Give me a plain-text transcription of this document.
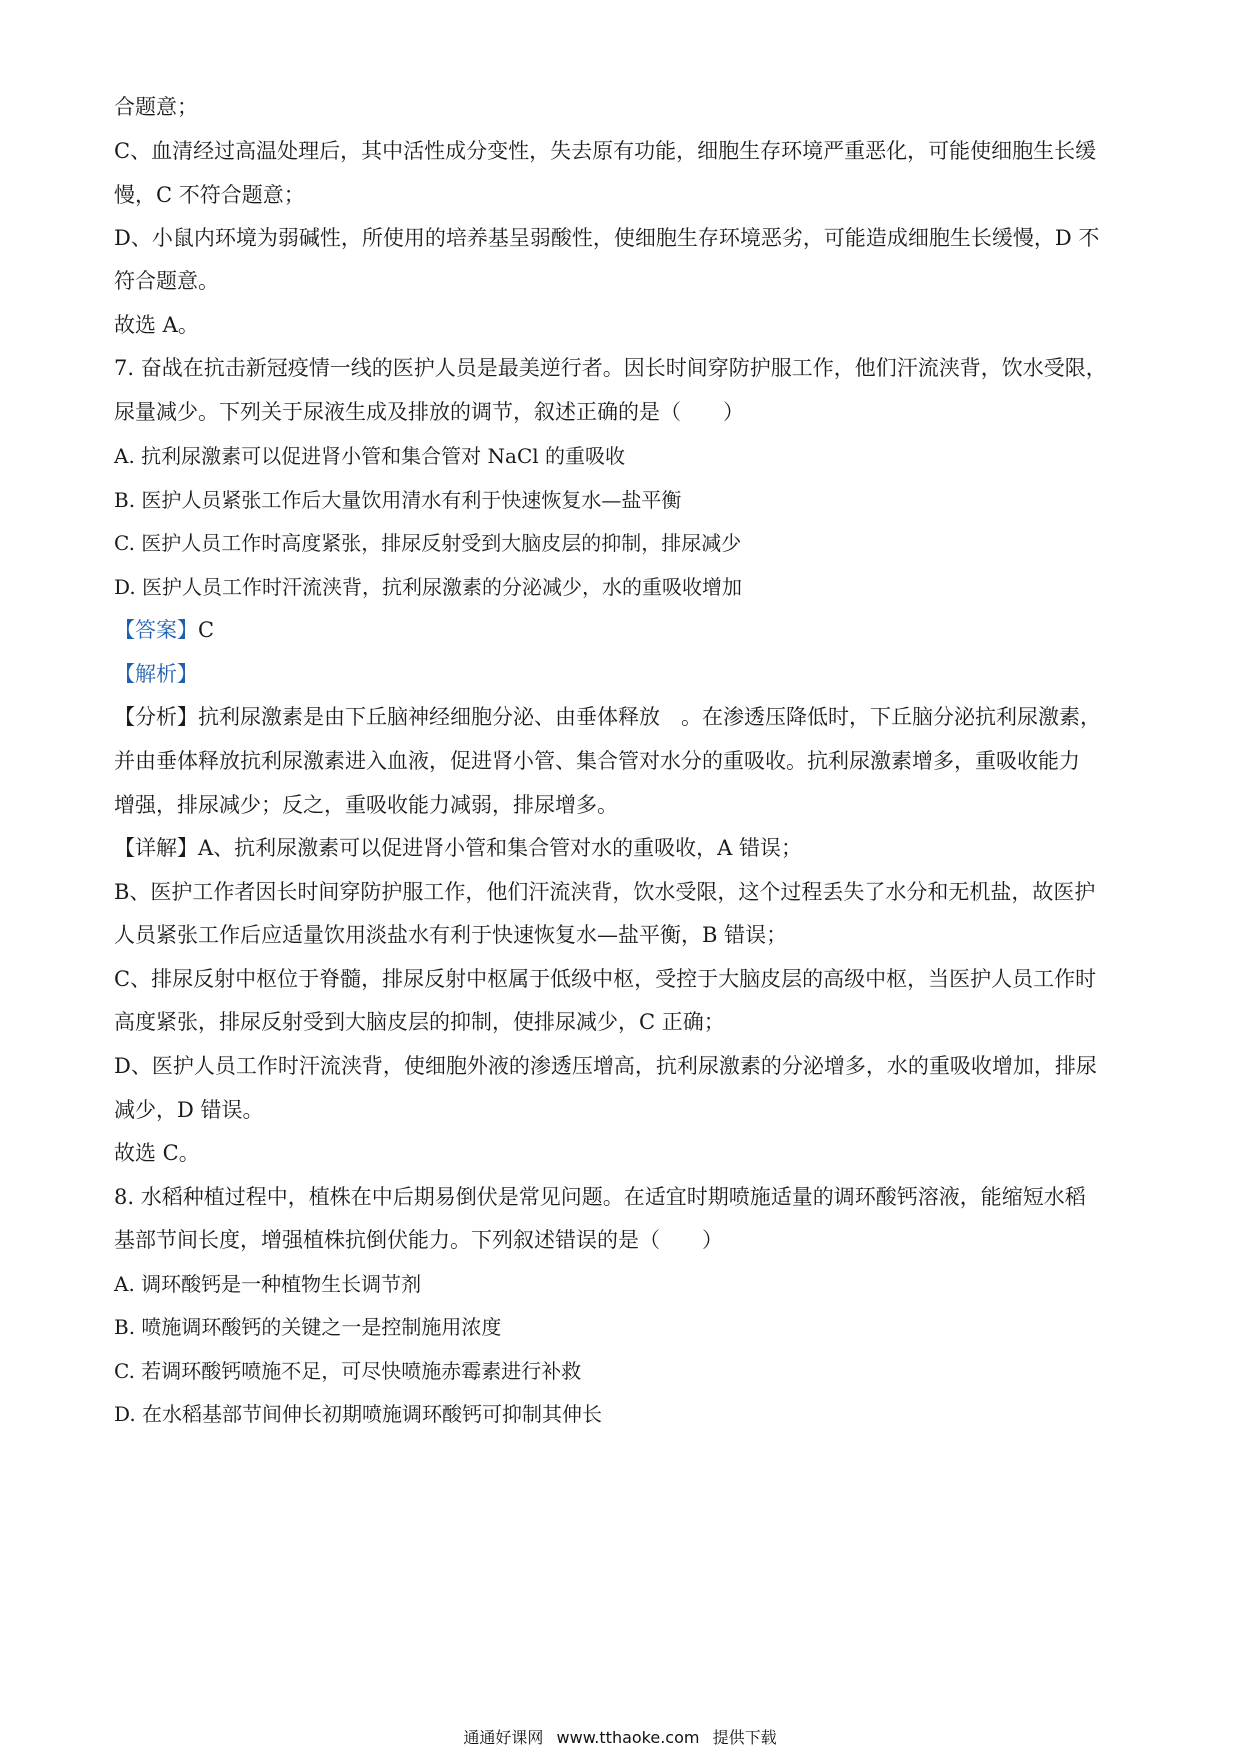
合题意；
C、血清经过高温处理后，其中活性成分变性，失去原有功能，细胞生存环境严重恶化，可能使细胞生长缓
慢，C 不符合题意；
D、小鼠内环境为弱碱性，所使用的培养基呈弱酸性，使细胞生存环境恶劣，可能造成细胞生长缓慢，D 不
符合题意。
故选 A。
7. 奋战在抗击新冠疫情一线的医护人员是最美逆行者。因长时间穿防护服工作，他们汗流浃背，饮水受限，
尿量减少。下列关于尿液生成及排放的调节，叙述正确的是（　　）
A. 抗利尿激素可以促进肾小管和集合管对 NaCl 的重吸收
B. 医护人员紧张工作后大量饮用清水有利于快速恢复水—盐平衡
C. 医护人员工作时高度紧张，排尿反射受到大脑皮层的抑制，排尿减少
D. 医护人员工作时汗流浃背，抗利尿激素的分泌减少，水的重吸收增加
【答案】C
【解析】
【分析】抗利尿激素是由下丘脑神经细胞分泌、由垂体释放　。在渗透压降低时，下丘脑分泌抗利尿激素，
并由垂体释放抗利尿激素进入血液，促进肾小管、集合管对水分的重吸收。抗利尿激素增多，重吸收能力
增强，排尿减少；反之，重吸收能力减弱，排尿增多。
【详解】A、抗利尿激素可以促进肾小管和集合管对水的重吸收，A 错误；
B、医护工作者因长时间穿防护服工作，他们汗流浃背，饮水受限，这个过程丢失了水分和无机盐，故医护
人员紧张工作后应适量饮用淡盐水有利于快速恢复水—盐平衡，B 错误；
C、排尿反射中枢位于脊髓，排尿反射中枢属于低级中枢，受控于大脑皮层的高级中枢，当医护人员工作时
高度紧张，排尿反射受到大脑皮层的抑制，使排尿减少，C 正确；
D、医护人员工作时汗流浃背，使细胞外液的渗透压增高，抗利尿激素的分泌增多，水的重吸收增加，排尿
减少，D 错误。
故选 C。
8. 水稻种植过程中，植株在中后期易倒伏是常见问题。在适宜时期喷施适量的调环酸钙溶液，能缩短水稻
基部节间长度，增强植株抗倒伏能力。下列叙述错误的是（　　）
A. 调环酸钙是一种植物生长调节剂
B. 喷施调环酸钙的关键之一是控制施用浓度
C. 若调环酸钙喷施不足，可尽快喷施赤霉素进行补救
D. 在水稻基部节间伸长初期喷施调环酸钙可抑制其伸长
通通好课网 www.tthaoke.com 提供下载
